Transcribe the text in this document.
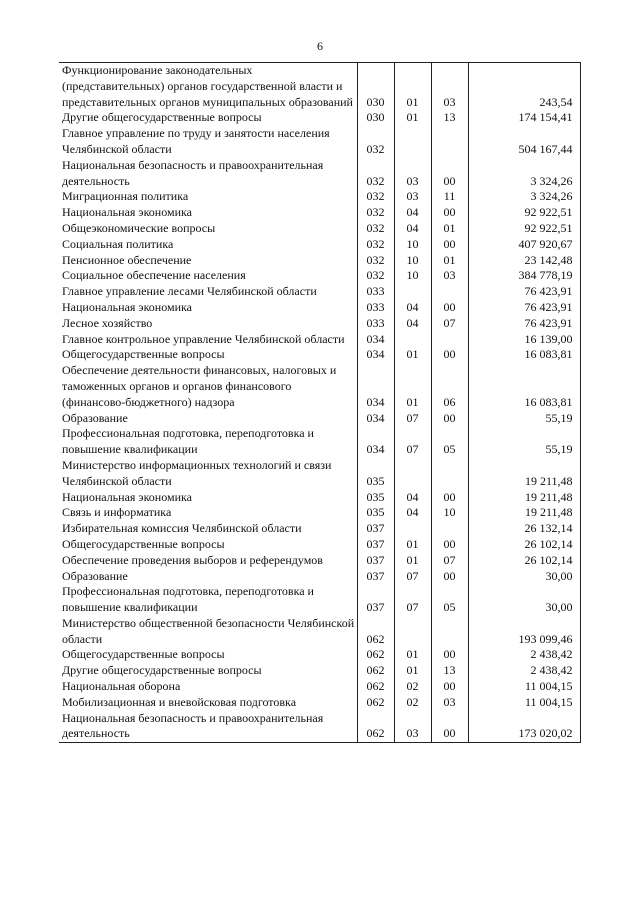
6
Функционирование законодательных (представительных) органов государственной власти и представительных органов муниципальных образований	030	01	03	243,54
Другие общегосударственные вопросы	030	01	13	174 154,41
Главное управление по труду и занятости населения Челябинской области	032			504 167,44
Национальная безопасность и правоохранительная деятельность	032	03	00	3 324,26
Миграционная политика	032	03	11	3 324,26
Национальная экономика	032	04	00	92 922,51
Общеэкономические вопросы	032	04	01	92 922,51
Социальная политика	032	10	00	407 920,67
Пенсионное обеспечение	032	10	01	23 142,48
Социальное обеспечение населения	032	10	03	384 778,19
Главное управление лесами Челябинской области	033			76 423,91
Национальная экономика	033	04	00	76 423,91
Лесное хозяйство	033	04	07	76 423,91
Главное контрольное управление Челябинской области	034			16 139,00
Общегосударственные вопросы	034	01	00	16 083,81
Обеспечение деятельности финансовых, налоговых и таможенных органов и органов финансового (финансово-бюджетного) надзора	034	01	06	16 083,81
Образование	034	07	00	55,19
Профессиональная подготовка, переподготовка и повышение квалификации	034	07	05	55,19
Министерство информационных технологий и связи Челябинской области	035			19 211,48
Национальная экономика	035	04	00	19 211,48
Связь и информатика	035	04	10	19 211,48
Избирательная комиссия Челябинской области	037			26 132,14
Общегосударственные вопросы	037	01	00	26 102,14
Обеспечение проведения выборов и референдумов	037	01	07	26 102,14
Образование	037	07	00	30,00
Профессиональная подготовка, переподготовка и повышение квалификации	037	07	05	30,00
Министерство общественной безопасности Челябинской области	062			193 099,46
Общегосударственные вопросы	062	01	00	2 438,42
Другие общегосударственные вопросы	062	01	13	2 438,42
Национальная оборона	062	02	00	11 004,15
Мобилизационная и вневойсковая подготовка	062	02	03	11 004,15
Национальная безопасность и правоохранительная деятельность	062	03	00	173 020,02
